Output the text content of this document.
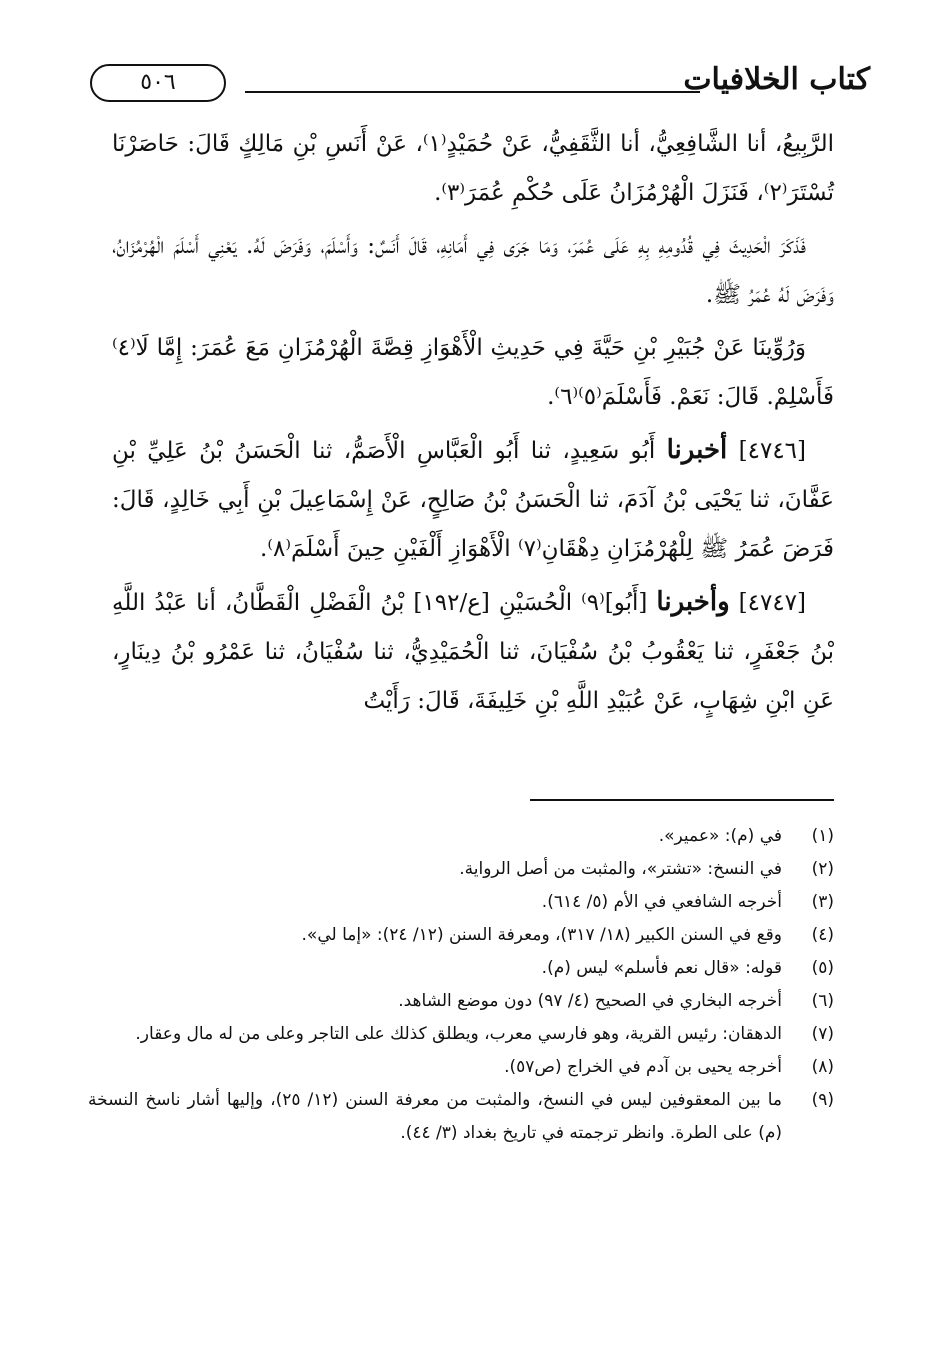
كتاب الخلافيات
٥٠٦

الرَّبِيعُ، أنا الشَّافِعِيُّ، أنا الثَّقَفِيُّ، عَنْ حُمَيْدٍ⁽١⁾، عَنْ أَنَسِ بْنِ مَالِكٍ قَالَ: حَاصَرْنَا تُسْتَرَ⁽٢⁾، فَنَزَلَ الْهُرْمُزَانُ عَلَى حُكْمِ عُمَرَ⁽٣⁾.

فَذَكَرَ الْحَدِيثَ فِي قُدُومِهِ بِهِ عَلَى عُمَرَ، وَمَا جَرَى فِي أَمَانِهِ، قَالَ أَنَسٌ: وَأَسْلَمَ، وَفَرَضَ لَهُ. يَعْنِي أَسْلَمَ الْهُرْمُزَانُ، وَفَرَضَ لَهُ عُمَرُ ﷺ.

وَرُوِّينَا عَنْ جُبَيْرِ بْنِ حَيَّةَ فِي حَدِيثِ الْأَهْوَازِ قِصَّةَ الْهُرْمُزَانِ مَعَ عُمَرَ: إِمَّا لَا⁽٤⁾ فَأَسْلِمْ. قَالَ: نَعَمْ. فَأَسْلَمَ⁽٥⁾⁽٦⁾.

[٤٧٤٦] أخبرنا أَبُو سَعِيدٍ، ثنا أَبُو الْعَبَّاسِ الْأَصَمُّ، ثنا الْحَسَنُ بْنُ عَلِيِّ بْنِ عَفَّانَ، ثنا يَحْيَى بْنُ آدَمَ، ثنا الْحَسَنُ بْنُ صَالِحٍ، عَنْ إِسْمَاعِيلَ بْنِ أَبِي خَالِدٍ، قَالَ: فَرَضَ عُمَرُ ﷺ لِلْهُرْمُزَانِ دِهْقَانِ⁽٧⁾ الْأَهْوَازِ أَلْفَيْنِ حِينَ أَسْلَمَ⁽٨⁾.

[٤٧٤٧] وأخبرنا [أَبُو]⁽٩⁾ الْحُسَيْنِ [ع/١٩٢] بْنُ الْفَضْلِ الْقَطَّانُ، أنا عَبْدُ اللَّهِ بْنُ جَعْفَرٍ، ثنا يَعْقُوبُ بْنُ سُفْيَانَ، ثنا الْحُمَيْدِيُّ، ثنا سُفْيَانُ، ثنا عَمْرُو بْنُ دِينَارٍ، عَنِ ابْنِ شِهَابٍ، عَنْ عُبَيْدِ اللَّهِ بْنِ خَلِيفَةَ، قَالَ: رَأَيْتُ

(١)
في (م): «عمير».
(٢)
في النسخ: «تشتر»، والمثبت من أصل الرواية.
(٣)
أخرجه الشافعي في الأم (٥/ ٦١٤).
(٤)
وقع في السنن الكبير (١٨/ ٣١٧)، ومعرفة السنن (١٢/ ٢٤): «إما لي».
(٥)
قوله: «قال نعم فأسلم» ليس (م).
(٦)
أخرجه البخاري في الصحيح (٤/ ٩٧) دون موضع الشاهد.
(٧)
الدهقان: رئيس القرية، وهو فارسي معرب، ويطلق كذلك على التاجر وعلى من له مال وعقار.
(٨)
أخرجه يحيى بن آدم في الخراج (ص٥٧).
(٩)
ما بين المعقوفين ليس في النسخ، والمثبت من معرفة السنن (١٢/ ٢٥)، وإليها أشار ناسخ النسخة (م) على الطرة. وانظر ترجمته في تاريخ بغداد (٣/ ٤٤).
